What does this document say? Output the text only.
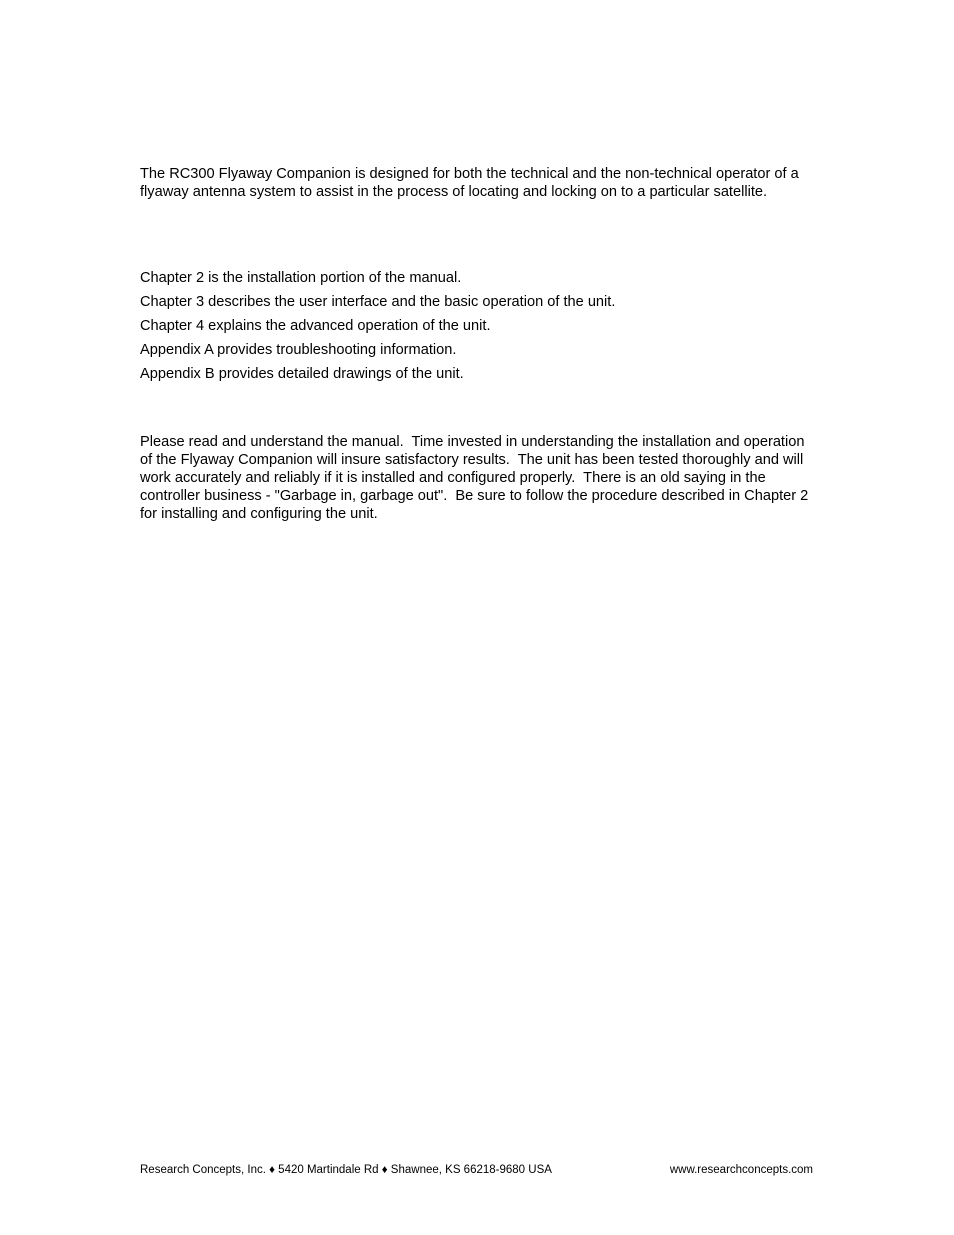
The RC300 Flyaway Companion is designed for both the technical and the non-technical operator of a flyaway antenna system to assist in the process of locating and locking on to a particular satellite.

Chapter 2 is the installation portion of the manual.
Chapter 3 describes the user interface and the basic operation of the unit.
Chapter 4 explains the advanced operation of the unit.
Appendix A provides troubleshooting information.
Appendix B provides detailed drawings of the unit.

Please read and understand the manual.  Time invested in understanding the installation and operation of the Flyaway Companion will insure satisfactory results.  The unit has been tested thoroughly and will work accurately and reliably if it is installed and configured properly.  There is an old saying in the controller business - "Garbage in, garbage out".  Be sure to follow the procedure described in Chapter 2 for installing and configuring the unit.

Research Concepts, Inc. ♦ 5420 Martindale Rd ♦ Shawnee, KS 66218-9680 USA	www.researchconcepts.com
